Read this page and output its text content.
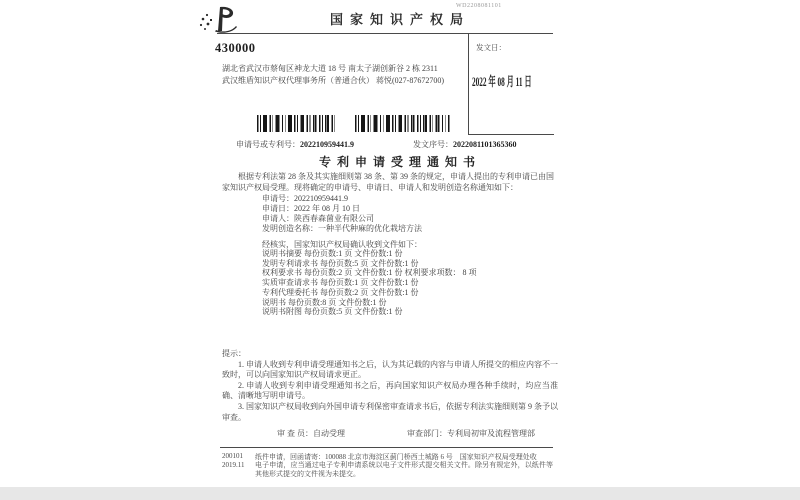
国家知识产权局
WD2208081101
发文日：
2022 年 08 月 11 日
430000
湖北省武汉市蔡甸区神龙大道 18 号 南太子湖创新谷 2 栋 2311
武汉维盾知识产权代理事务所（普通合伙） 蒋悦(027-87672700)
申请号或专利号：202210959441.9	发文序号：2022081101365360
专利申请受理通知书
根据专利法第 28 条及其实施细则第 38 条、第 39 条的规定，申请人提出的专利申请已由国家知识产权局受理。现将确定的申请号、申请日、申请人和发明创造名称通知如下：
申请号：202210959441.9
申请日：2022 年 08 月 10 日
申请人：陕西春森菌业有限公司
发明创造名称：一种半代种麻的优化栽培方法
经核实，国家知识产权局确认收到文件如下：
说明书摘要 每份页数:1 页 文件份数:1 份
发明专利请求书 每份页数:5 页 文件份数:1 份
权利要求书 每份页数:2 页 文件份数:1 份 权利要求项数： 8 项
实质审查请求书 每份页数:1 页 文件份数:1 份
专利代理委托书 每份页数:2 页 文件份数:1 份
说明书 每份页数:8 页 文件份数:1 份
说明书附图 每份页数:5 页 文件份数:1 份

提示：

1. 申请人收到专利申请受理通知书之后，认为其记载的内容与申请人所提交的相应内容不一致时，可以向国家知识产权局请求更正。

2. 申请人收到专利申请受理通知书之后，再向国家知识产权局办理各种手续时，均应当准确、清晰地写明申请号。

3. 国家知识产权局收到向外国申请专利保密审查请求书后，依据专利法实施细则第 9 条予以审查。

审 查 员：自动受理	审查部门：专利局初审及流程管理部
200101
2019.11
纸件申请，回函请寄：100088 北京市海淀区蓟门桥西土城路 6 号　国家知识产权局受理处收
电子申请，应当通过电子专利申请系统以电子文件形式提交相关文件。除另有规定外，以纸件等其他形式提交的文件视为未提交。
